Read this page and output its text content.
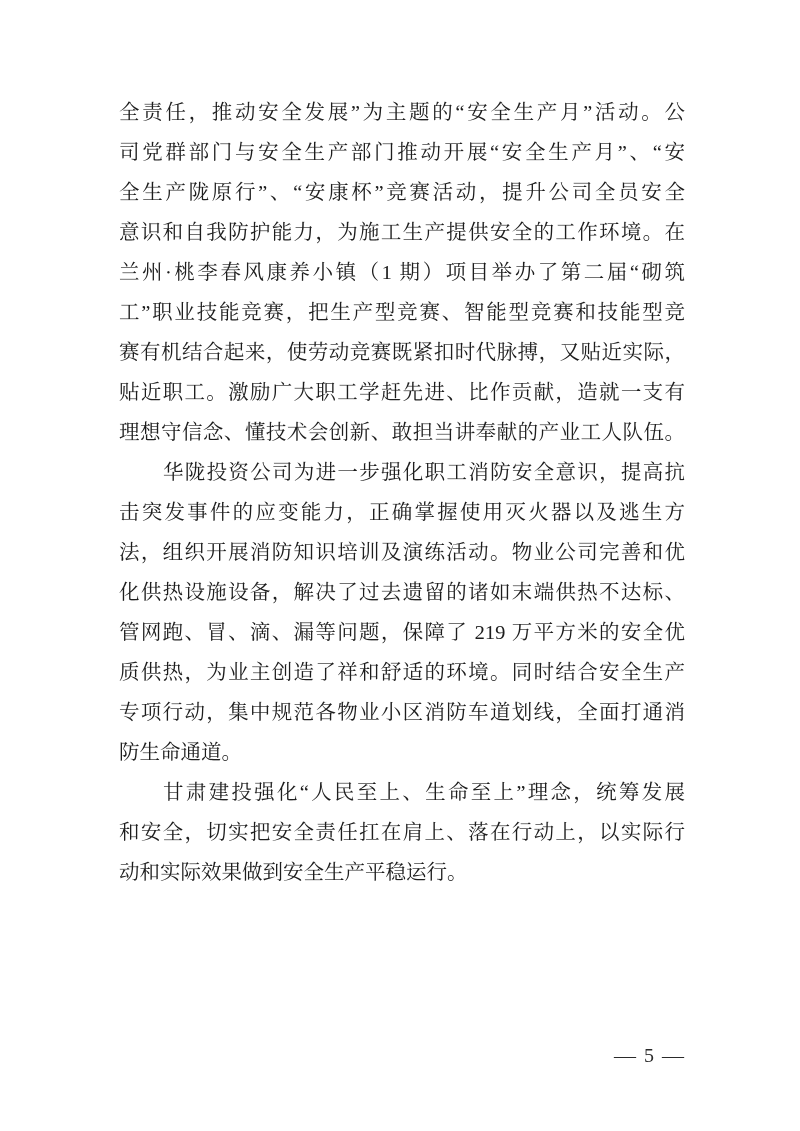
全责任，推动安全发展”为主题的“安全生产月”活动。公
司党群部门与安全生产部门推动开展“安全生产月”、“安
全生产陇原行”、“安康杯”竞赛活动，提升公司全员安全
意识和自我防护能力，为施工生产提供安全的工作环境。在
兰州·桃李春风康养小镇（1 期）项目举办了第二届“砌筑
工”职业技能竞赛，把生产型竞赛、智能型竞赛和技能型竞
赛有机结合起来，使劳动竞赛既紧扣时代脉搏，又贴近实际，
贴近职工。激励广大职工学赶先进、比作贡献，造就一支有
理想守信念、懂技术会创新、敢担当讲奉献的产业工人队伍。
华陇投资公司为进一步强化职工消防安全意识，提高抗
击突发事件的应变能力，正确掌握使用灭火器以及逃生方
法，组织开展消防知识培训及演练活动。物业公司完善和优
化供热设施设备，解决了过去遗留的诸如末端供热不达标、
管网跑、冒、滴、漏等问题，保障了 219 万平方米的安全优
质供热，为业主创造了祥和舒适的环境。同时结合安全生产
专项行动，集中规范各物业小区消防车道划线，全面打通消
防生命通道。
甘肃建投强化“人民至上、生命至上”理念，统筹发展
和安全，切实把安全责任扛在肩上、落在行动上，以实际行
动和实际效果做到安全生产平稳运行。
— 5 —
